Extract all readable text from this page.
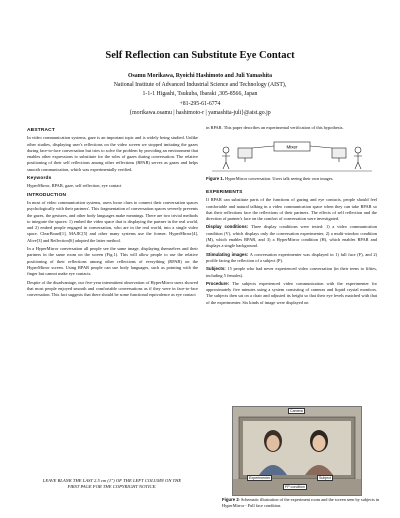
Self Reflection can Substitute Eye Contact
Osamu Morikawa, Ryoichi Hashimoto and Juli Yamashita
National Institute of Advanced Industrial Science and Technology (AIST),
1-1-1 Higashi, Tsukuba, Ibaraki ,305-8566, Japan
+81-295-61-6774
{morikawa.osamu | hashimoto-r | yamashita-juli}@aist.go.jp
ABSTRACT

In video communication systems, gaze is an important topic and is widely being studied. Unlike other studies, displaying user's reflections on the video screen we stopped imitating the gazes during face-to-face conversation but tries to solve the problem by providing an environment that enables other expressions to substitute for the roles of gazes during conversation. The relative positioning of their self reflections among other reflections (RPAR) serves as gazes and helps smooth communication, which was experimentally verified.

Keywords

HyperMirror, RPAR, gaze, self reflection, eye contact

INTRODUCTION

In most of video communication systems, users loose clues to connect their conversation spaces psychologically with their partners'. This fragmentation of conversation spaces severely prevents the gazes, the gestures, and other body languages make meanings. There are two trivial methods to integrate the spaces: 1) embed the video space that is displaying the partner in the real world, and 2) embed people engaged in conversation, who are in the real world, into a single video space. ClearBoard[1], MAJIC[5] and other many systems use the former. HyperMirror[4], Alive[3] and Reflection[6] adopted the latter method.

In a HyperMirror conversation all people see the same image, displaying themselves and their partners in the same room on the screen (Fig.1). This will allow people to use the relative positioning of their reflections among other reflections of everything (RPAR) on the HyperMirror screen. Using RPAR people can use body languages, such as pointing with the finger but cannot make eye contacts.

Despite of the disadvantage, our five-year intermittent observation of HyperMirror users showed that most people enjoyed smooth and comfortable conversations as if they were in face-to-face conversation. This fact suggests that there should be some functional equivalence as eye contact

LEAVE BLANK THE LAST 2.5 cm (1") OF THE LEFT COLUMN ON THE FIRST PAGE FOR THE COPYRIGHT NOTICE.

in RPAR. This paper describes an experimental verification of this hypothesis.

Mixer
Figure 1. HyperMirror conversation. Users talk seeing their own images.
EXPERIMENTS

If RPAR can substitute parts of the functions of gazing and eye contacts, people should feel comfortable and natural talking in a video communication space when they can take RPAR so that their reflections face the reflections of their partners. The effects of self reflection and the direction of partner's face on the comfort of conversation were investigated.

Display conditions: Three display conditions were tested: 1) a video communication condition (V), which displays only the conversation experimenter, 2) a multi-window condition (M), which enables RPAR, and 3) a HyperMirror condition (H), which enables RPAR and displays a single background.

Stimulating images: A conversation experimenter was displayed in 1) full face (F), and 2) profile facing the reflection of a subject (P).

Subjects: 15 people who had never experienced video conversation (in their teens to fifties, including 5 females).

Procedure: The subjects experienced video communication with the experimenter for approximately five minutes using a system consisting of cameras and liquid crystal monitors. The subjects then sat on a chair and adjusted its height so that their eye levels matched with that of the experimenter. Six kinds of image were displayed on

Camera
Experimenter	Subject
FP condition
Figure 2: Schematic illustration of the experiment room and the screen seen by subjects in HyperMirror - Full face condition.
